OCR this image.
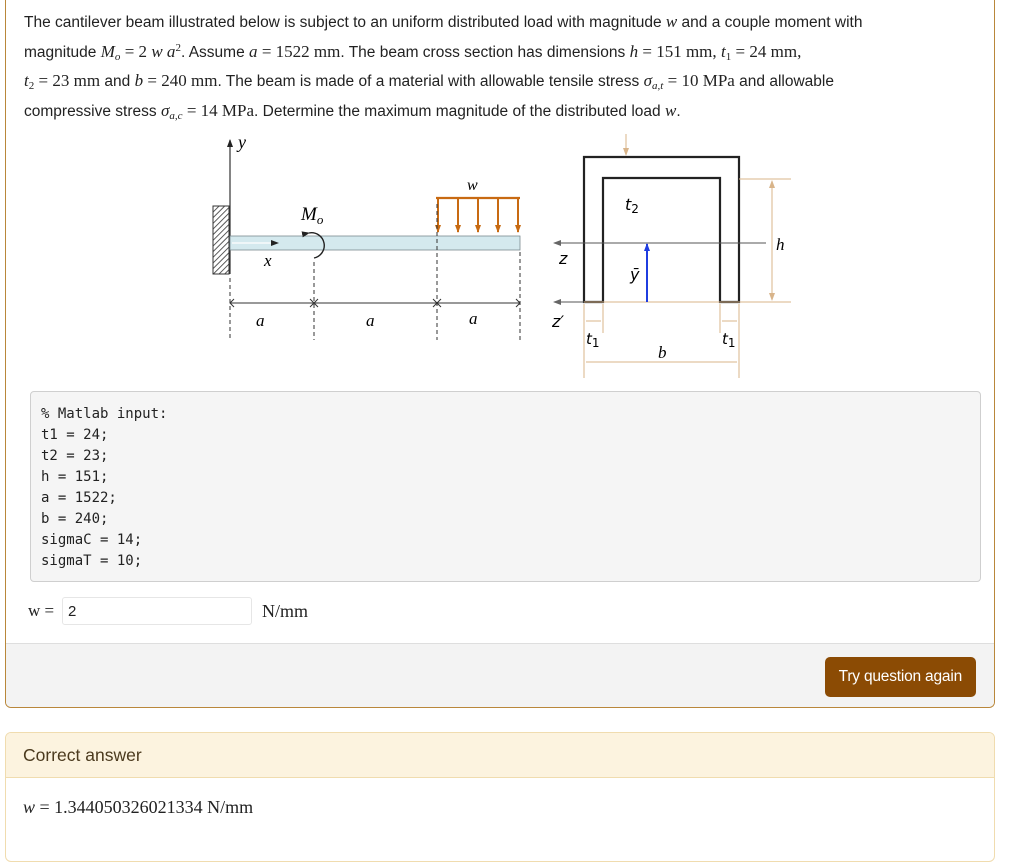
The cantilever beam illustrated below is subject to an uniform distributed load with magnitude w and a couple moment with
magnitude $M_o = 2$ w $a^2$. Assume a = 1522 mm. The beam cross section has dimensions h = 151 mm, $t_1 = 24$ mm,
$t_2 = 23$ mm and b = 240 mm. The beam is made of a material with allowable tensile stress $\sigma_{a,t} = 10$ MPa and allowable
compressive stress $\sigma_{a,c} = 14$ MPa. Determine the maximum magnitude of the distributed load w.
y
x
$M_o$
w
a	a	a
z
z′
ȳ
t2
h
$t_1$	$t_1$
b
% Matlab input:
t1 = 24;
t2 = 23;
h = 151;
a = 1522;
b = 240;
sigmaC = 14;
sigmaT = 10;
w =
2	N/mm
Try question again
Correct answer
w = 1.344050326021334 N/mm
